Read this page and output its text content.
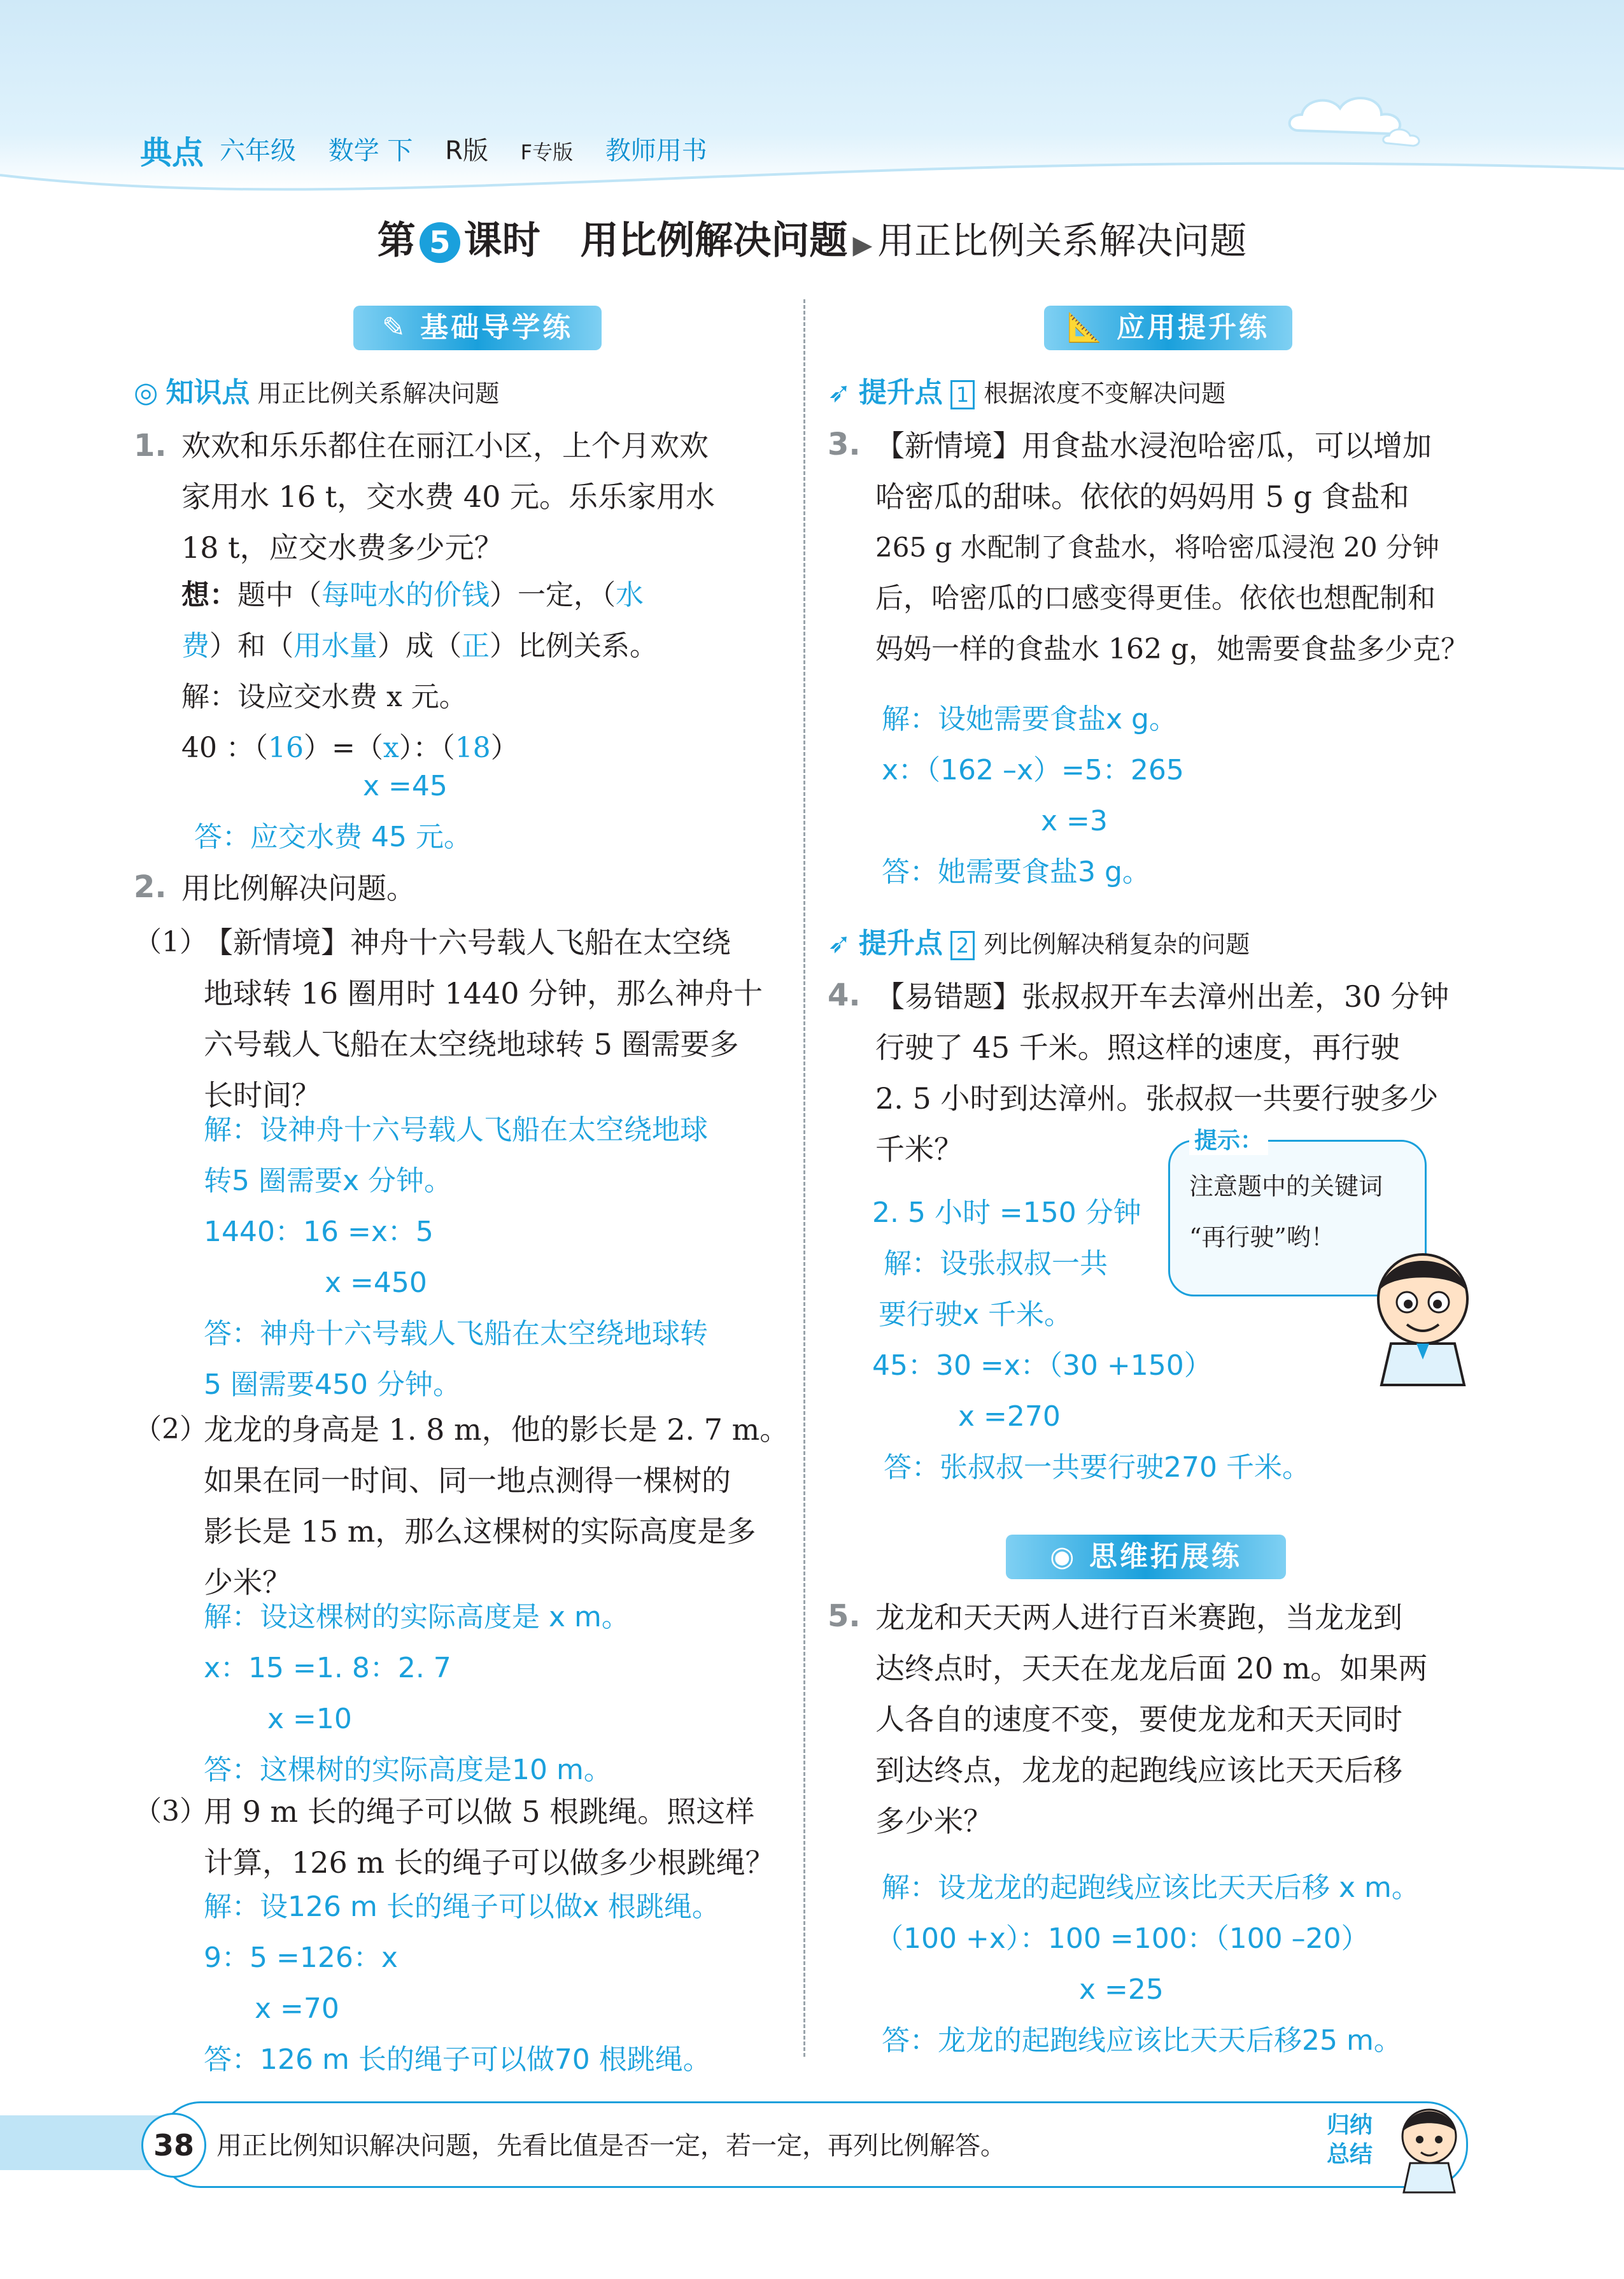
典点 六年级 数学 下 R版 F专版 教师用书
第 5 课时 用比例解决问题 ▶ 用正比例关系解决问题
✎ 基础导学练
◎ 知识点 用正比例关系解决问题
1. 欢欢和乐乐都住在丽江小区，上个月欢欢
家用水 16 t，交水费 40 元。乐乐家用水
18 t，应交水费多少元？
想：题中（每吨水的价钱）一定，（水
费）和（用水量）成（正）比例关系。
解：设应交水费 x 元。
40 ：（16）=（x）：（18）
x =45
答：应交水费 45 元。
2. 用比例解决问题。
（1）
【新情境】神舟十六号载人飞船在太空绕
地球转 16 圈用时 1440 分钟，那么神舟十
六号载人飞船在太空绕地球转 5 圈需要多
长时间？
解：设神舟十六号载人飞船在太空绕地球
转5 圈需要x 分钟。
1440：16 =x：5
x =450
答：神舟十六号载人飞船在太空绕地球转
5 圈需要450 分钟。
（2）
龙龙的身高是 1. 8 m，他的影长是 2. 7 m。
如果在同一时间、同一地点测得一棵树的
影长是 15 m，那么这棵树的实际高度是多
少米？
解：设这棵树的实际高度是 x m。
x：15 =1. 8：2. 7
x =10
答：这棵树的实际高度是10 m。
（3）
用 9 m 长的绳子可以做 5 根跳绳。照这样
计算，126 m 长的绳子可以做多少根跳绳？
解：设126 m 长的绳子可以做x 根跳绳。
9：5 =126：x
x =70
答：126 m 长的绳子可以做70 根跳绳。
📐 应用提升练
➶ 提升点 1 根据浓度不变解决问题
3. 【新情境】用食盐水浸泡哈密瓜，可以增加
哈密瓜的甜味。依依的妈妈用 5 g 食盐和
265 g 水配制了食盐水，将哈密瓜浸泡 20 分钟
后，哈密瓜的口感变得更佳。依依也想配制和
妈妈一样的食盐水 162 g，她需要食盐多少克？
解：设她需要食盐x g。
x：（162 –x）=5：265
x =3
答：她需要食盐3 g。
➶ 提升点 2 列比例解决稍复杂的问题
4. 【易错题】张叔叔开车去漳州出差，30 分钟
行驶了 45 千米。照这样的速度，再行驶
2. 5 小时到达漳州。张叔叔一共要行驶多少
千米？
2. 5 小时 =150 分钟
解：设张叔叔一共
要行驶x 千米。
45：30 =x：（30 +150）
x =270
答：张叔叔一共要行驶270 千米。
提示：
注意题中的关键词
“再行驶”哟！
◉ 思维拓展练
5. 龙龙和天天两人进行百米赛跑，当龙龙到
达终点时，天天在龙龙后面 20 m。如果两
人各自的速度不变，要使龙龙和天天同时
到达终点，龙龙的起跑线应该比天天后移
多少米？
解：设龙龙的起跑线应该比天天后移 x m。
（100 +x）：100 =100：（100 –20）
x =25
答：龙龙的起跑线应该比天天后移25 m。
38 用正比例知识解决问题，先看比值是否一定，若一定，再列比例解答。
归纳
总结
